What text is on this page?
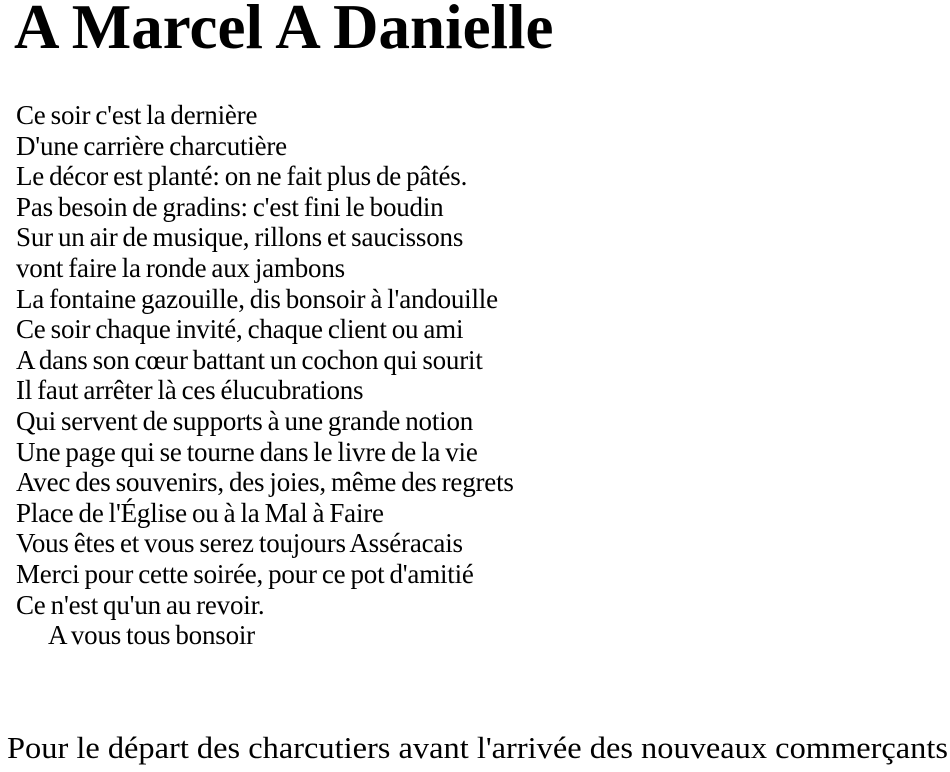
A Marcel A Danielle
Ce soir c'est la dernière
D'une carrière charcutière
Le décor est planté: on ne fait plus de pâtés.
Pas besoin de gradins: c'est fini le boudin
Sur un air de musique, rillons et saucissons
vont faire la ronde aux jambons
La fontaine gazouille, dis bonsoir à l'andouille
Ce soir chaque invité, chaque client ou ami
A dans son cœur battant un cochon qui sourit
Il faut arrêter là ces élucubrations
Qui servent de supports à une grande notion
Une page qui se tourne dans le livre de la vie
Avec des souvenirs, des joies, même des regrets
Place de l'Église ou à la Mal à Faire
Vous êtes et vous serez toujours Asséracais
Merci pour cette soirée, pour ce pot d'amitié
Ce n'est qu'un au revoir.
A vous tous bonsoir
Pour le départ des charcutiers avant l'arrivée des nouveaux commerçants
